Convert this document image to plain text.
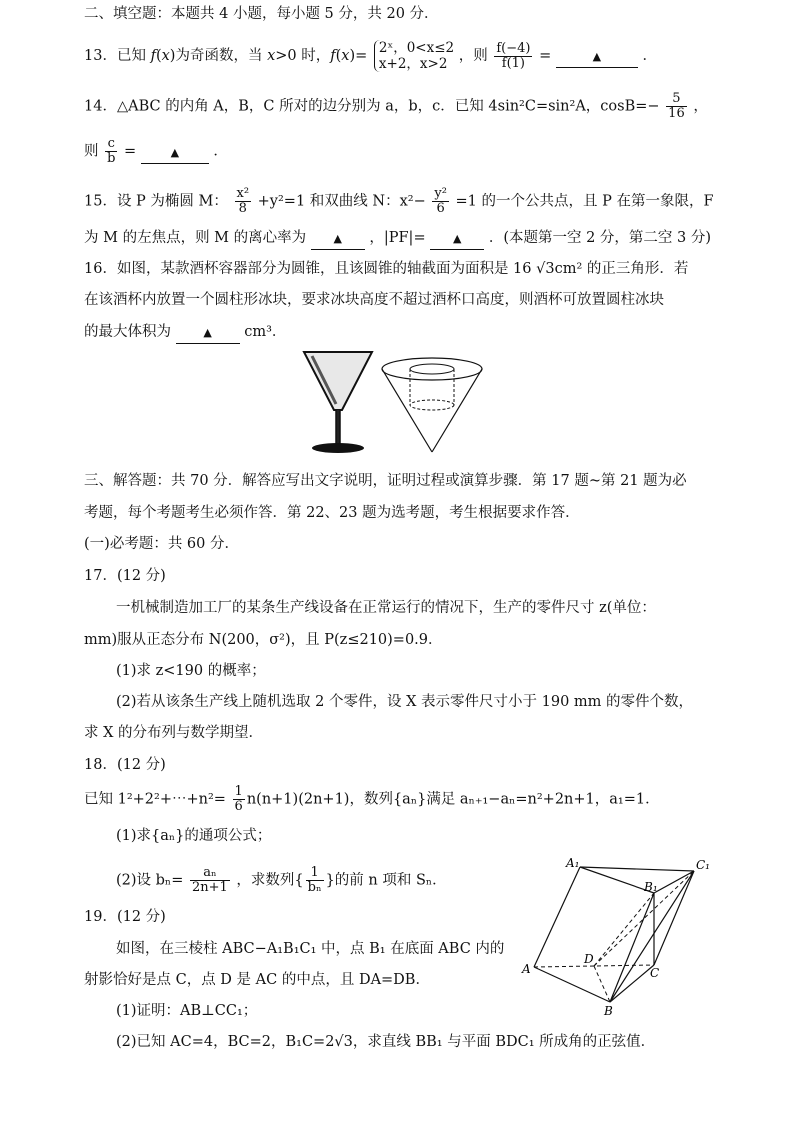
二、填空题：本题共 4 小题，每小题 5 分，共 20 分．
13．已知 f(x)为奇函数，当 x>0 时，f(x)= 2ˣ，0<x≤2
x+2，x>2 ，则 $\frac{f(-4)}{f(1)}$ =	▲	．
14．△ABC 的内角 A，B，C 所对的边分别为 a，b，c．已知 4sin²C=sin²A，$\cos B=- \frac{5}{16}$ ，
则 $\frac{c}{b}$ =	▲ ．
15．设 P 为椭圆 M： $\frac{\text{x²}}{8} +y^2=1$ 和双曲线 N：$x^2- \frac{\text{y²}}{6} =1$ 的一个公共点，且 P 在第一象限，F
为 M 的左焦点，则 M 的离心率为 ▲ ，|PF|= ▲ ．(本题第一空 2 分，第二空 3 分)
16．如图，某款酒杯容器部分为圆锥，且该圆锥的轴截面为面积是 16 √3cm² 的正三角形．若
在该酒杯内放置一个圆柱形冰块，要求冰块高度不超过酒杯口高度，则酒杯可放置圆柱冰块
的最大体积为	▲ cm³．
三、解答题：共 70 分．解答应写出文字说明，证明过程或演算步骤．第 17 题~第 21 题为必
考题，每个考题考生必须作答．第 22、23 题为选考题，考生根据要求作答．
(一)必考题：共 60 分．
17．(12 分)
一机械制造加工厂的某条生产线设备在正常运行的情况下，生产的零件尺寸 z(单位：
mm)服从正态分布 N(200，σ²)，且 P(z≤210)=0.9．
(1)求 z<190 的概率；
(2)若从该条生产线上随机选取 2 个零件，设 X 表示零件尺寸小于 190 mm 的零件个数，
求 X 的分布列与数学期望．
18．(12 分)
已知 1²+2²+⋯+n²= $\frac{1}{6} n(n+1)(2n+1)$，数列{aₙ}满足 aₙ₊₁−aₙ=n²+2n+1，a₁=1．
(1)求{aₙ}的通项公式；
(2)设 $b_n= \frac{\text{aₙ}}{2n+1}$ ，求数列{ $\frac{1}{\text{bₙ}}$ }的前 n 项和 Sₙ．
19．(12 分)
如图，在三棱柱 ABC−A₁B₁C₁ 中，点 B₁ 在底面 ABC 内的
射影恰好是点 C，点 D 是 AC 的中点，且 DA=DB．
(1)证明：AB⊥CC₁；
(2)已知 AC=4，BC=2，B₁C=2√3，求直线 BB₁ 与平面 BDC₁ 所成角的正弦值．
A₁	C₁
B₁
A
D
C
B
